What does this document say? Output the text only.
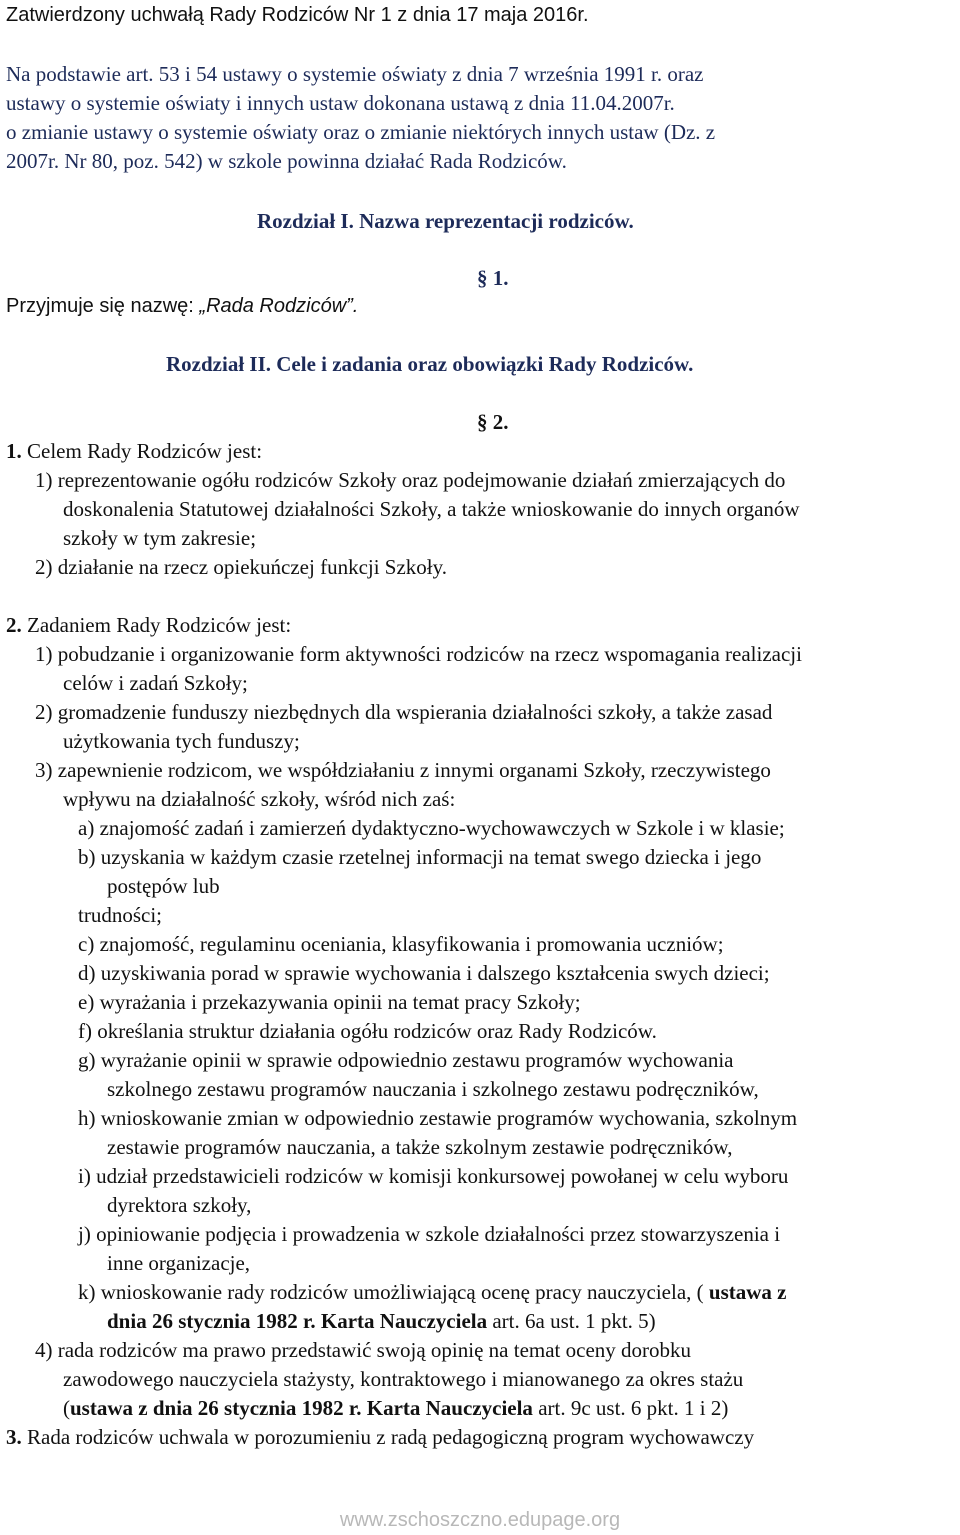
Zatwierdzony uchwałą Rady Rodziców Nr 1 z dnia 17 maja 2016r.
Na podstawie art. 53 i 54 ustawy o systemie oświaty z dnia 7 września 1991 r. oraz
ustawy o systemie oświaty i innych ustaw dokonana ustawą z dnia 11.04.2007r.
o zmianie ustawy o systemie oświaty oraz o zmianie niektórych innych ustaw (Dz. z
2007r. Nr 80, poz. 542) w szkole powinna działać Rada Rodziców.
Rozdział I. Nazwa reprezentacji rodziców.
§ 1.
Przyjmuje się nazwę: „Rada Rodziców”.
Rozdział II. Cele i zadania oraz obowiązki Rady Rodziców.
§ 2.
1. Celem Rady Rodziców jest:
1) reprezentowanie ogółu rodziców Szkoły oraz podejmowanie działań zmierzających do
doskonalenia Statutowej działalności Szkoły, a także wnioskowanie do innych organów
szkoły w tym zakresie;
2) działanie na rzecz opiekuńczej funkcji Szkoły.
2. Zadaniem Rady Rodziców jest:
1) pobudzanie i organizowanie form aktywności rodziców na rzecz wspomagania realizacji
celów i zadań Szkoły;
2) gromadzenie funduszy niezbędnych dla wspierania działalności szkoły, a także zasad
użytkowania tych funduszy;
3) zapewnienie rodzicom, we współdziałaniu z innymi organami Szkoły, rzeczywistego
wpływu na działalność szkoły, wśród nich zaś:
a) znajomość zadań i zamierzeń dydaktyczno-wychowawczych w Szkole i w klasie;
b) uzyskania w każdym czasie rzetelnej informacji na temat swego dziecka i jego
postępów lub
trudności;
c) znajomość, regulaminu oceniania, klasyfikowania i promowania uczniów;
d) uzyskiwania porad w sprawie wychowania i dalszego kształcenia swych dzieci;
e) wyrażania i przekazywania opinii na temat pracy Szkoły;
f) określania struktur działania ogółu rodziców oraz Rady Rodziców.
g) wyrażanie opinii w sprawie odpowiednio zestawu programów wychowania
szkolnego zestawu programów nauczania i szkolnego zestawu podręczników,
h) wnioskowanie zmian w odpowiednio zestawie programów wychowania, szkolnym
zestawie programów nauczania, a także szkolnym zestawie podręczników,
i) udział przedstawicieli rodziców w komisji konkursowej powołanej w celu wyboru
dyrektora szkoły,
j) opiniowanie podjęcia i prowadzenia w szkole działalności przez stowarzyszenia i
inne organizacje,
k) wnioskowanie rady rodziców umożliwiającą ocenę pracy nauczyciela, ( ustawa z
dnia 26 stycznia 1982 r. Karta Nauczyciela art. 6a ust. 1 pkt. 5)
4) rada rodziców ma prawo przedstawić swoją opinię na temat oceny dorobku
zawodowego nauczyciela stażysty, kontraktowego i mianowanego za okres stażu
(ustawa z dnia 26 stycznia 1982 r. Karta Nauczyciela art. 9c ust. 6 pkt. 1 i 2)
3. Rada rodziców uchwala w porozumieniu z radą pedagogiczną program wychowawczy
www.zschoszczno.edupage.org
